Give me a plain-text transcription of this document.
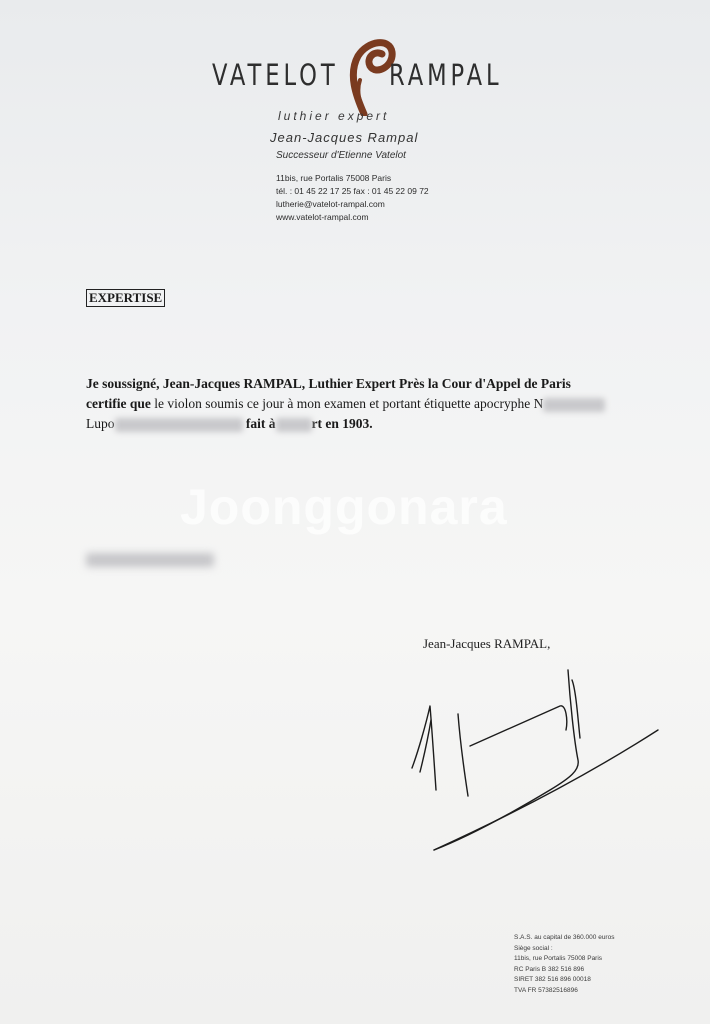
VATELOT RAMPAL
luthier expert
Jean-Jacques Rampal
Successeur d'Etienne Vatelot
11bis, rue Portalis 75008 Paris
tél. : 01 45 22 17 25 fax : 01 45 22 09 72
lutherie@vatelot-rampal.com
www.vatelot-rampal.com
EXPERTISE
Je soussigné, Jean-Jacques RAMPAL, Luthier Expert Près la Cour d'Appel de Paris
certifie que le violon soumis ce jour à mon examen et portant étiquette apocryphe N
Lupo	fait à	rt en 1903.
Joonggonara
Jean-Jacques RAMPAL,
S.A.S. au capital de 360.000 euros
Siège social :
11bis, rue Portalis 75008 Paris
RC Paris B 382 516 896
SIRET 382 516 896 00018
TVA FR 57382516896
